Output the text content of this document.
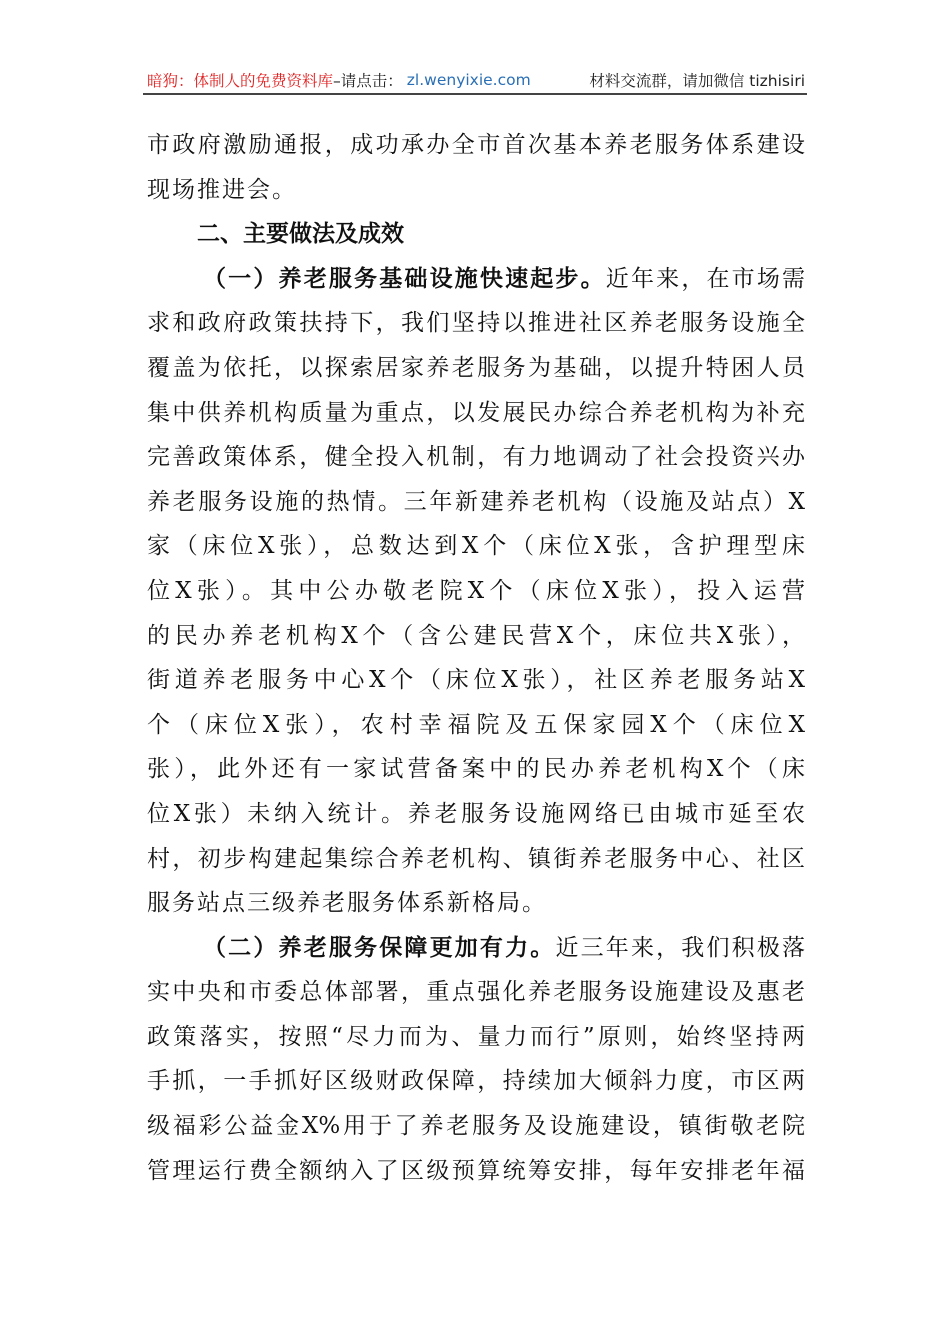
暗狗：体制人的免费资料库 –请点击： zl.wenyixie.com	材料交流群，请加微信 tizhisiri
市政府激励通报，成功承办全市首次基本养老服务体系建设
现场推进会。
二、主要做法及成效
（一）养老服务基础设施快速起步。近年来，在市场需
求和政府政策扶持下，我们坚持以推进社区养老服务设施全
覆盖为依托，以探索居家养老服务为基础，以提升特困人员
集中供养机构质量为重点，以发展民办综合养老机构为补充
完善政策体系，健全投入机制，有力地调动了社会投资兴办
养老服务设施的热情。三年新建养老机构（设施及站点）X
家（床位X张），总数达到X个（床位X张，含护理型床
位X张）。其中公办敬老院X个（床位X张），投入运营
的民办养老机构X个（含公建民营X个，床位共X张），
街道养老服务中心X个（床位X张），社区养老服务站X
个（床位X张），农村幸福院及五保家园X个（床位X
张），此外还有一家试营备案中的民办养老机构X个（床
位X张）未纳入统计。养老服务设施网络已由城市延至农
村，初步构建起集综合养老机构、镇街养老服务中心、社区
服务站点三级养老服务体系新格局。
（二）养老服务保障更加有力。近三年来，我们积极落
实中央和市委总体部署，重点强化养老服务设施建设及惠老
政策落实，按照“尽力而为、量力而行”原则，始终坚持两
手抓，一手抓好区级财政保障，持续加大倾斜力度，市区两
级福彩公益金X%用于了养老服务及设施建设，镇街敬老院
管理运行费全额纳入了区级预算统筹安排，每年安排老年福
